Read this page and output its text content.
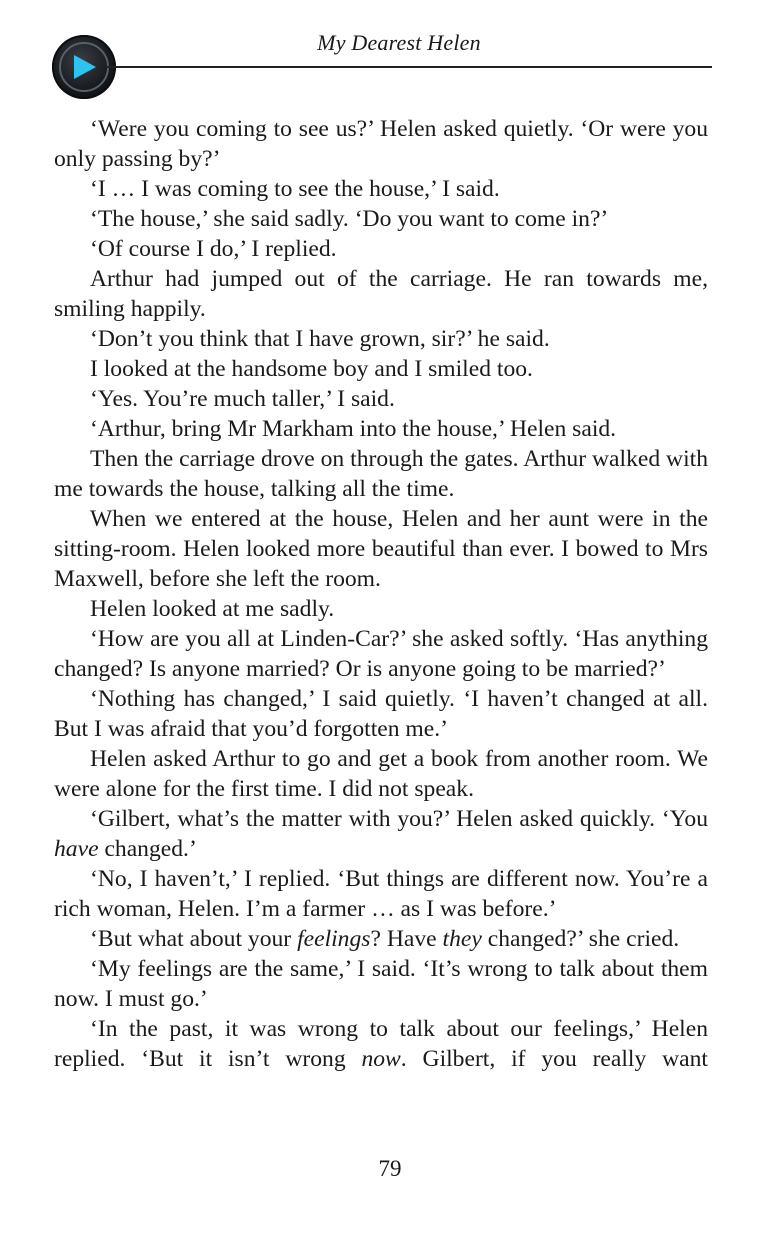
My Dearest Helen

‘Were you coming to see us?’ Helen asked quietly. ‘Or were you only passing by?’

‘I … I was coming to see the house,’ I said.

‘The house,’ she said sadly. ‘Do you want to come in?’

‘Of course I do,’ I replied.

Arthur had jumped out of the carriage. He ran towards me, smiling happily.

‘Don’t you think that I have grown, sir?’ he said.

I looked at the handsome boy and I smiled too.

‘Yes. You’re much taller,’ I said.

‘Arthur, bring Mr Markham into the house,’ Helen said.

Then the carriage drove on through the gates. Arthur walked with me towards the house, talking all the time.

When we entered at the house, Helen and her aunt were in the sitting-room. Helen looked more beautiful than ever. I bowed to Mrs Maxwell, before she left the room.

Helen looked at me sadly.

‘How are you all at Linden-Car?’ she asked softly. ‘Has anything changed? Is anyone married? Or is anyone going to be married?’

‘Nothing has changed,’ I said quietly. ‘I haven’t changed at all. But I was afraid that you’d forgotten me.’

Helen asked Arthur to go and get a book from another room. We were alone for the first time. I did not speak.

‘Gilbert, what’s the matter with you?’ Helen asked quickly. ‘You have changed.’

‘No, I haven’t,’ I replied. ‘But things are different now. You’re a rich woman, Helen. I’m a farmer … as I was before.’

‘But what about your feelings? Have they changed?’ she cried.

‘My feelings are the same,’ I said. ‘It’s wrong to talk about them now. I must go.’

‘In the past, it was wrong to talk about our feelings,’ Helen replied. ‘But it isn’t wrong now. Gilbert, if you really want

79
